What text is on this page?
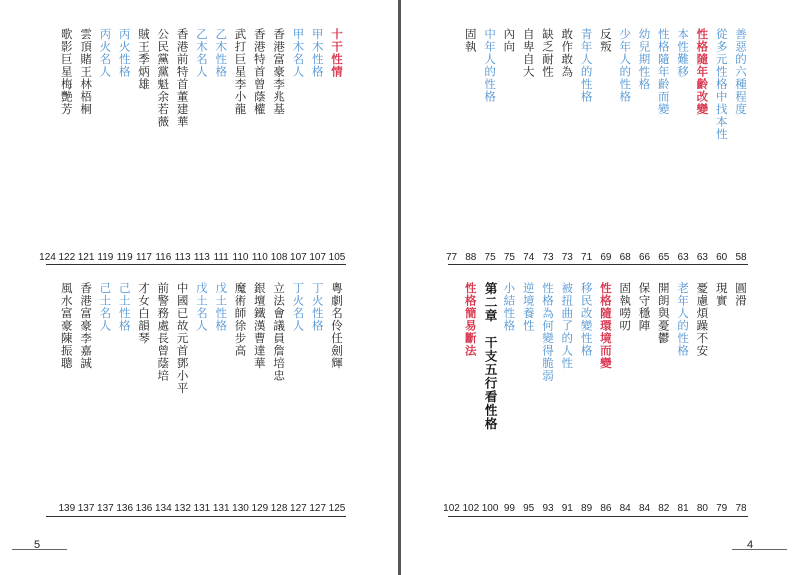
十干性情
甲木性格
甲木名人
香港富豪李兆基
香港特首曾蔭權
武打巨星李小龍
乙木性格
乙木名人
香港前特首董建華
公民黨黨魁余若薇
賊王季炳雄
丙火性格
丙火名人
雲頂賭王林梧桐
歌影巨星梅艷芳
105
107
107
108
110
110
111
113
113
116
117
119
119
121
122
124
粵劇名伶任劍輝
丁火性格
丁火名人
立法會議員詹培忠
銀壇鐵漢曹達華
魔術師徐步高
戊土性格
戊土名人
中國已故元首鄧小平
前警務處長曾蔭培
才女白韻琴
己土性格
己土名人
香港富豪李嘉誠
風水富豪陳振聰
125
127
127
128
129
130
131
131
132
134
136
136
137
137
139
5
善惡的六種程度
從多元性格中找本性
性格隨年齡改變
本性難移
性格隨年齡而變
幼兒期性格
少年人的性格
反叛
青年人的性格
敢作敢為
缺乏耐性
自卑自大
內向
中年人的性格
固執
58
60
63
63
65
66
68
69
71
73
73
74
75
75
88
77
圓滑
現實
憂慮煩躁不安
老年人的性格
開朗與憂鬱
保守穩陣
固執嘮叨
性格隨環境而變
移民改變性格
被扭曲了的人性
性格為何變得脆弱
逆境養性
小結性格
第二章　干支五行看性格
性格簡易斷法
78
79
80
81
82
84
84
86
89
91
93
95
99
100
102
102
4
